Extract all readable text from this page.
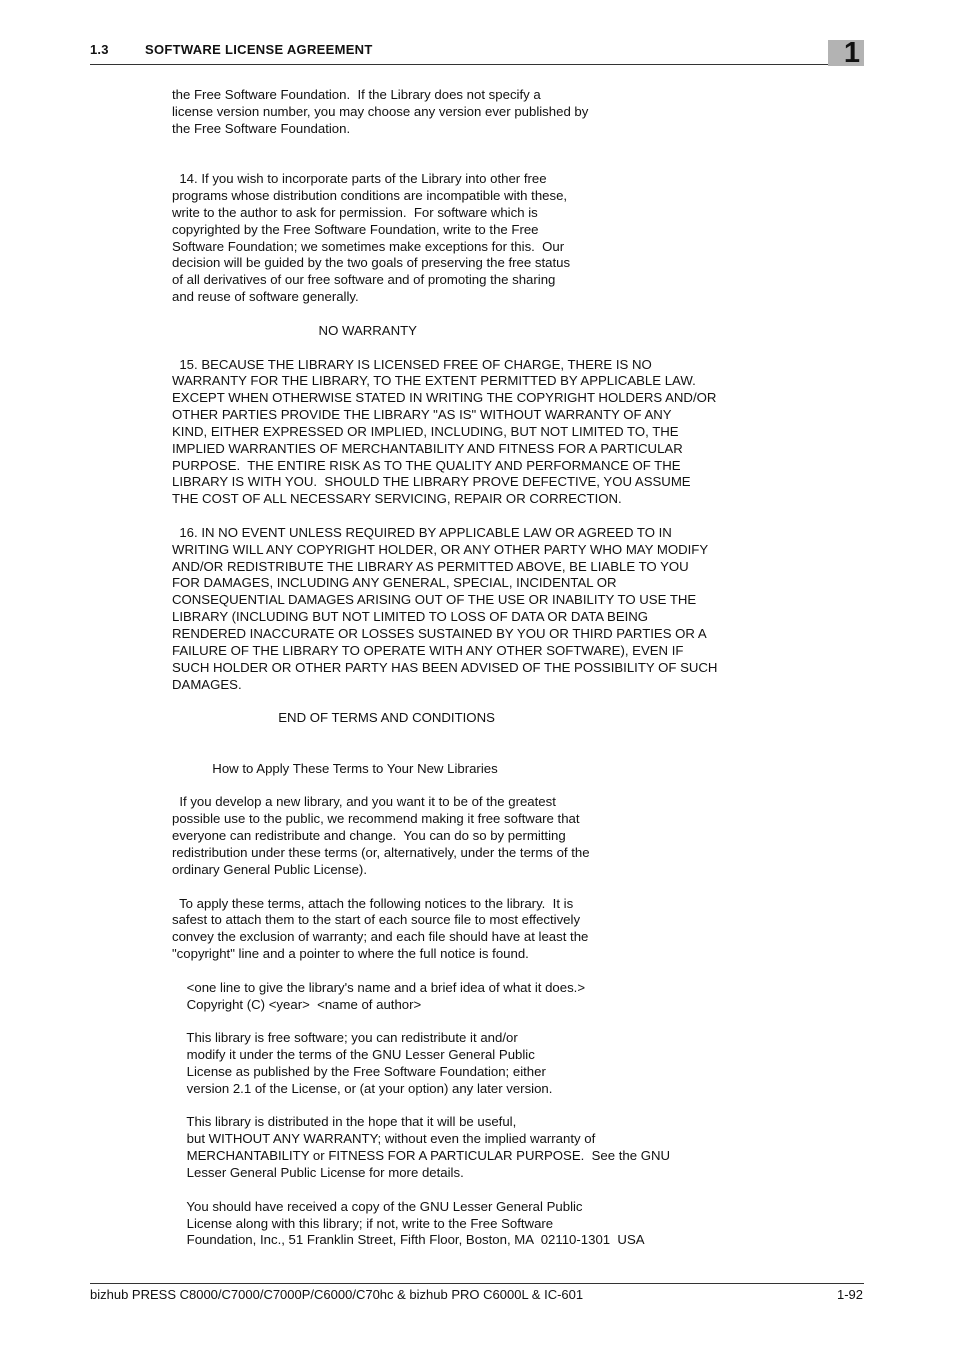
1.3	SOFTWARE LICENSE AGREEMENT	1
the Free Software Foundation.  If the Library does not specify a
license version number, you may choose any version ever published by
the Free Software Foundation.
14. If you wish to incorporate parts of the Library into other free
programs whose distribution conditions are incompatible with these,
write to the author to ask for permission.  For software which is
copyrighted by the Free Software Foundation, write to the Free
Software Foundation; we sometimes make exceptions for this.  Our
decision will be guided by the two goals of preserving the free status
of all derivatives of our free software and of promoting the sharing
and reuse of software generally.
NO WARRANTY
15. BECAUSE THE LIBRARY IS LICENSED FREE OF CHARGE, THERE IS NO
WARRANTY FOR THE LIBRARY, TO THE EXTENT PERMITTED BY APPLICABLE LAW.
EXCEPT WHEN OTHERWISE STATED IN WRITING THE COPYRIGHT HOLDERS AND/OR
OTHER PARTIES PROVIDE THE LIBRARY "AS IS" WITHOUT WARRANTY OF ANY
KIND, EITHER EXPRESSED OR IMPLIED, INCLUDING, BUT NOT LIMITED TO, THE
IMPLIED WARRANTIES OF MERCHANTABILITY AND FITNESS FOR A PARTICULAR
PURPOSE.  THE ENTIRE RISK AS TO THE QUALITY AND PERFORMANCE OF THE
LIBRARY IS WITH YOU.  SHOULD THE LIBRARY PROVE DEFECTIVE, YOU ASSUME
THE COST OF ALL NECESSARY SERVICING, REPAIR OR CORRECTION.
16. IN NO EVENT UNLESS REQUIRED BY APPLICABLE LAW OR AGREED TO IN
WRITING WILL ANY COPYRIGHT HOLDER, OR ANY OTHER PARTY WHO MAY MODIFY
AND/OR REDISTRIBUTE THE LIBRARY AS PERMITTED ABOVE, BE LIABLE TO YOU
FOR DAMAGES, INCLUDING ANY GENERAL, SPECIAL, INCIDENTAL OR
CONSEQUENTIAL DAMAGES ARISING OUT OF THE USE OR INABILITY TO USE THE
LIBRARY (INCLUDING BUT NOT LIMITED TO LOSS OF DATA OR DATA BEING
RENDERED INACCURATE OR LOSSES SUSTAINED BY YOU OR THIRD PARTIES OR A
FAILURE OF THE LIBRARY TO OPERATE WITH ANY OTHER SOFTWARE), EVEN IF
SUCH HOLDER OR OTHER PARTY HAS BEEN ADVISED OF THE POSSIBILITY OF SUCH
DAMAGES.
END OF TERMS AND CONDITIONS
How to Apply These Terms to Your New Libraries
If you develop a new library, and you want it to be of the greatest
possible use to the public, we recommend making it free software that
everyone can redistribute and change.  You can do so by permitting
redistribution under these terms (or, alternatively, under the terms of the
ordinary General Public License).
To apply these terms, attach the following notices to the library.  It is
safest to attach them to the start of each source file to most effectively
convey the exclusion of warranty; and each file should have at least the
"copyright" line and a pointer to where the full notice is found.
<one line to give the library's name and a brief idea of what it does.>
Copyright (C) <year>  <name of author>
This library is free software; you can redistribute it and/or
modify it under the terms of the GNU Lesser General Public
License as published by the Free Software Foundation; either
version 2.1 of the License, or (at your option) any later version.
This library is distributed in the hope that it will be useful,
but WITHOUT ANY WARRANTY; without even the implied warranty of
MERCHANTABILITY or FITNESS FOR A PARTICULAR PURPOSE.  See the GNU
Lesser General Public License for more details.
You should have received a copy of the GNU Lesser General Public
License along with this library; if not, write to the Free Software
Foundation, Inc., 51 Franklin Street, Fifth Floor, Boston, MA  02110-1301  USA
bizhub PRESS C8000/C7000/C7000P/C6000/C70hc & bizhub PRO C6000L & IC-601	1-92
